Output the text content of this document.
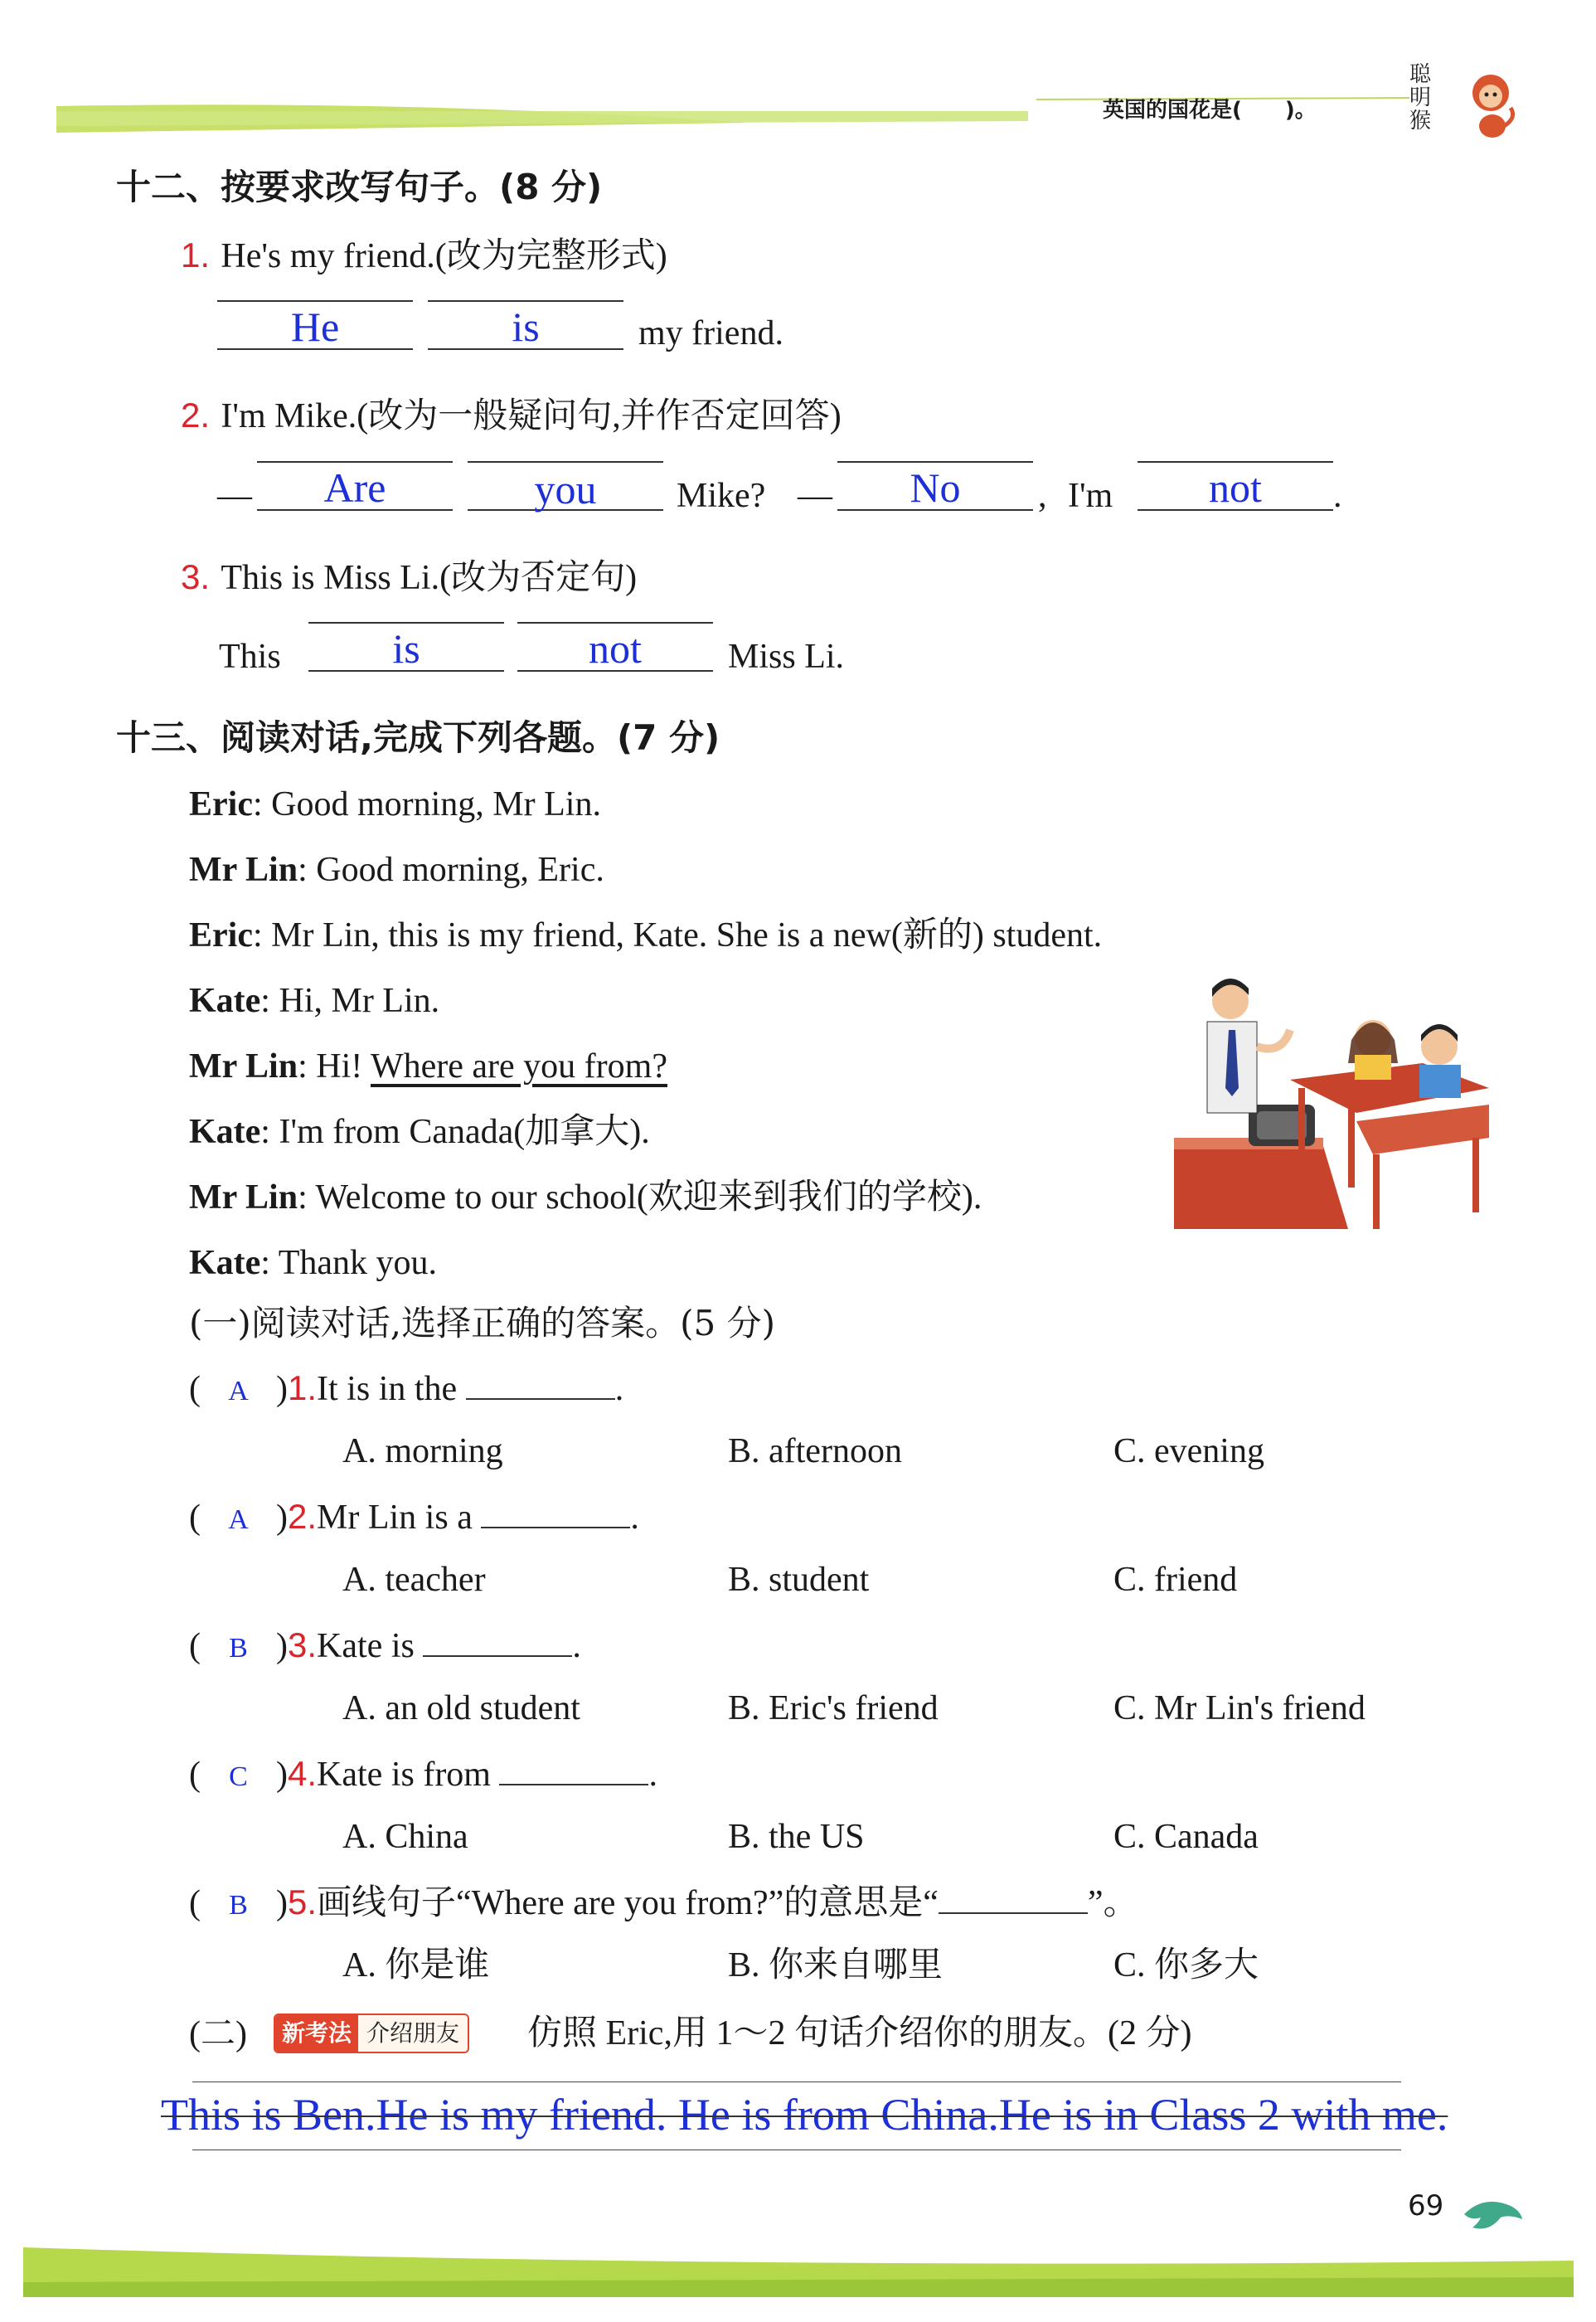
英国的国花是(　　)。
聪明猴
十二、按要求改写句子。(8 分)
1. He's my friend.(改为完整形式)
He	is	my friend.
2. I'm Mike.(改为一般疑问句,并作否定回答)
—	Are	you	Mike? —	No	, I'm	not	.
3. This is Miss Li.(改为否定句)
This	is	not	Miss Li.
十三、阅读对话,完成下列各题。(7 分)
Eric: Good morning, Mr Lin.
Mr Lin: Good morning, Eric.
Eric: Mr Lin, this is my friend, Kate. She is a new(新的) student.
Kate: Hi, Mr Lin.
Mr Lin: Hi! Where are you from?
Kate: I'm from Canada(加拿大).
Mr Lin: Welcome to our school(欢迎来到我们的学校).
Kate: Thank you.
(一)阅读对话,选择正确的答案。(5 分)
( A )1.It is in the	.
A. morning	B. afternoon	C. evening
( A )2.Mr Lin is a	.
A. teacher	B. student	C. friend
( B )3.Kate is	.
A. an old student	B. Eric's friend	C. Mr Lin's friend
( C )4.Kate is from	.
A. China	B. the US	C. Canada
( B )5.画线句子“Where are you from?”的意思是“	”。
A. 你是谁	B. 你来自哪里	C. 你多大
(二) 新考法 介绍朋友 仿照 Eric,用 1～2 句话介绍你的朋友。(2 分)
This is Ben.He is my friend. He is from China.He is in Class 2 with me.
69
